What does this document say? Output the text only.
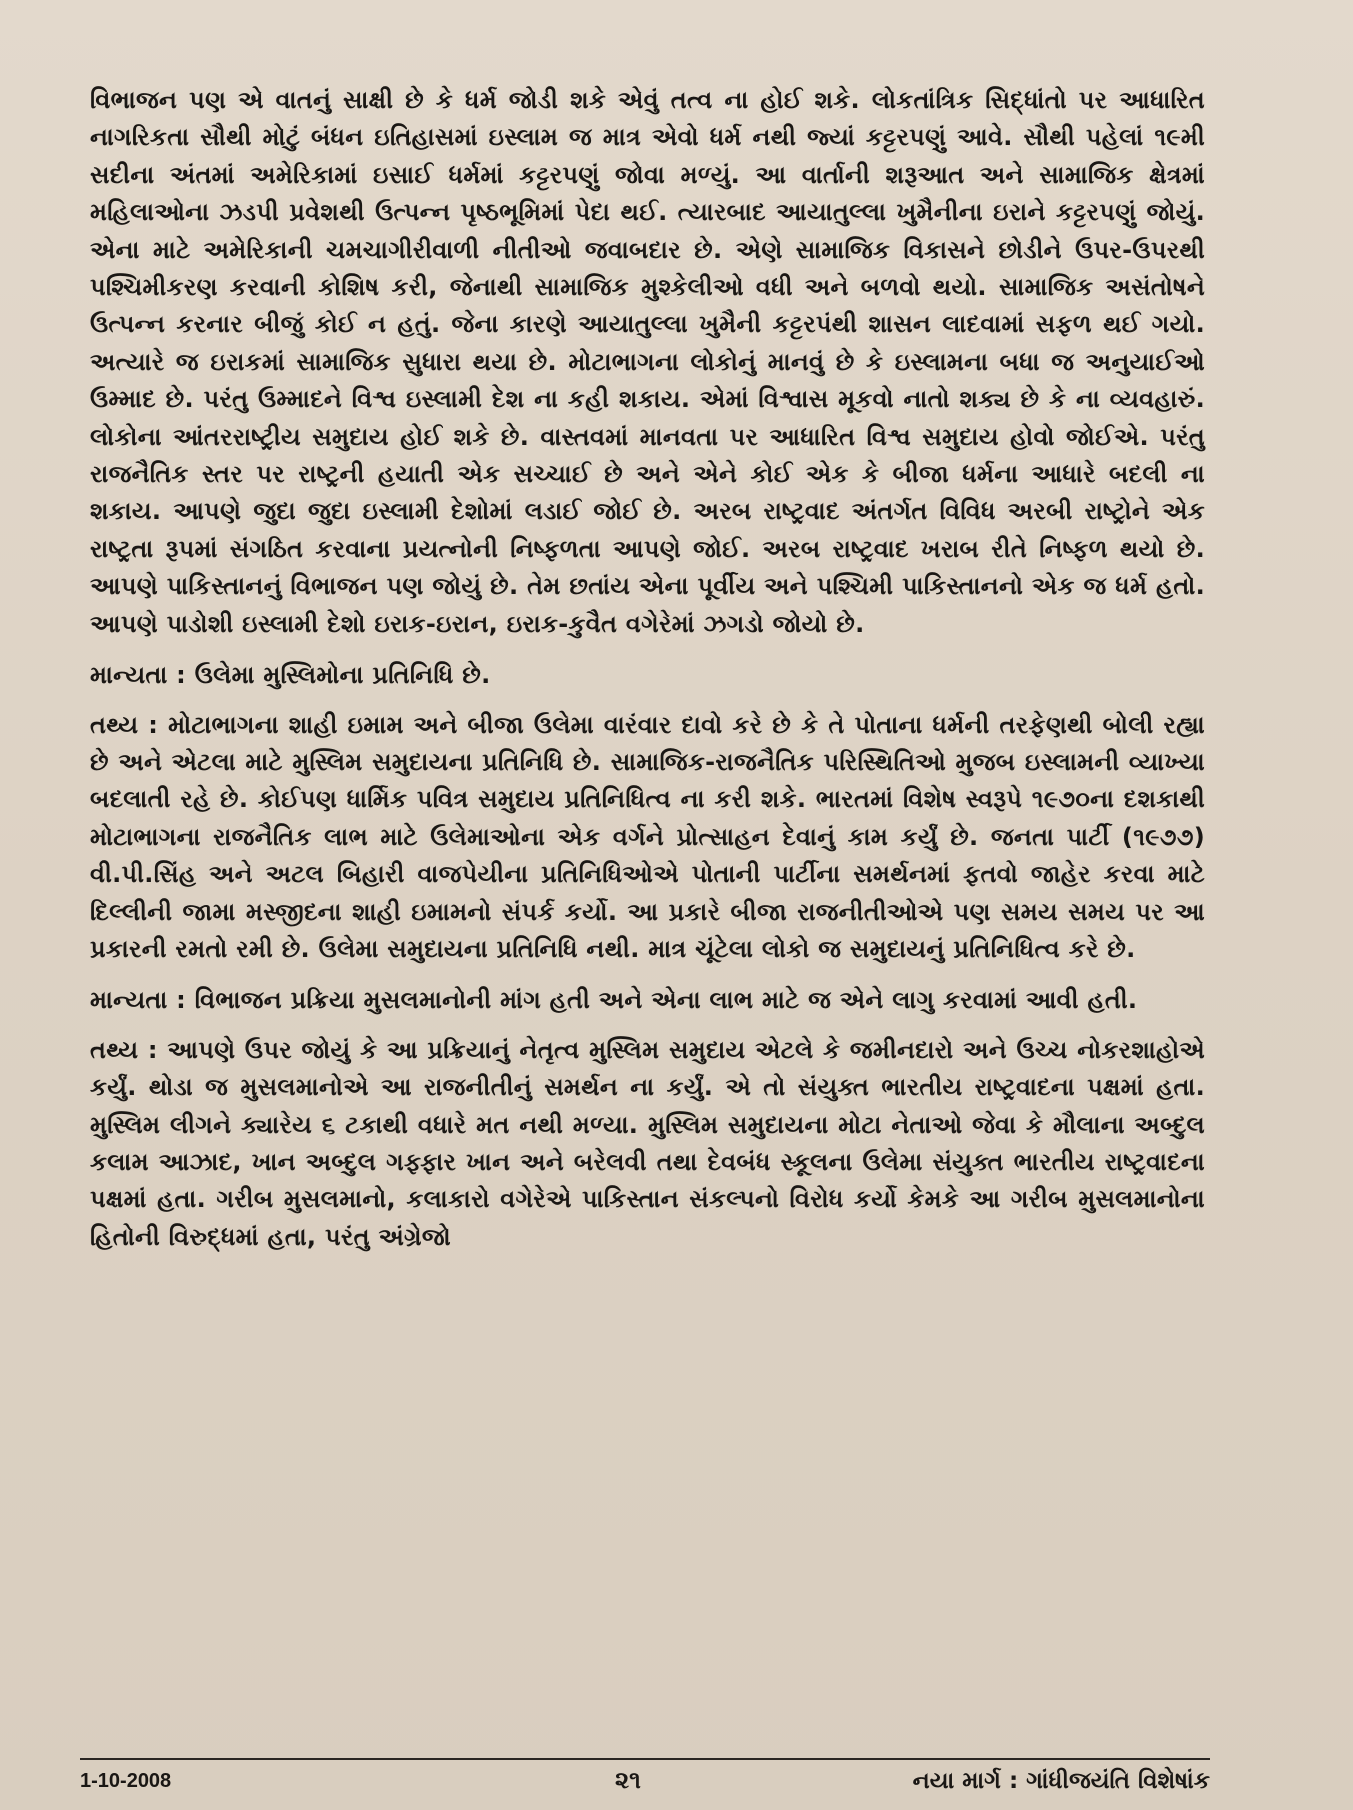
વિભાજન પણ એ વાતનું સાક્ષી છે કે ધર્મ જોડી શકે એવું તત્વ ના હોઈ શકે. લોકતાંત્રિક સિદ્ધાંતો પર આધારિત નાગરિકતા સૌથી મોટું બંધન ઇતિહાસમાં ઇસ્લામ જ માત્ર એવો ધર્મ નથી જ્યાં કટ્ટરપણું આવે. સૌથી પહેલાં ૧૯મી સદીના અંતમાં અમેરિકામાં ઇસાઈ ધર્મમાં કટ્ટરપણું જોવા મળ્યું. આ વાર્તાની શરૂઆત અને સામાજિક ક્ષેત્રમાં મહિલાઓના ઝડપી પ્રવેશથી ઉત્પન્ન પૃષ્ઠભૂમિમાં પેદા થઈ. ત્યારબાદ આયાતુલ્લા ખુમૈનીના ઇરાને કટ્ટરપણું જોયું. એના માટે અમેરિકાની ચમચાગીરીવાળી નીતીઓ જવાબદાર છે. એણે સામાજિક વિકાસને છોડીને ઉપર-ઉપરથી પશ્ચિમીકરણ કરવાની કોશિષ કરી, જેનાથી સામાજિક મુશ્કેલીઓ વધી અને બળવો થયો. સામાજિક અસંતોષને ઉત્પન્ન કરનાર બીજું કોઈ ન હતું. જેના કારણે આયાતુલ્લા ખુમૈની કટ્ટરપંથી શાસન લાદવામાં સફળ થઈ ગયો. અત્યારે જ ઇરાકમાં સામાજિક સુધારા થયા છે. મોટાભાગના લોકોનું માનવું છે કે ઇસ્લામના બધા જ અનુયાઈઓ ઉમ્માદ છે. પરંતુ ઉમ્માદને વિશ્વ ઇસ્લામી દેશ ના કહી શકાય. એમાં વિશ્વાસ મૂકવો નાતો શક્ય છે કે ના વ્યવહારું. લોકોના આંતરરાષ્ટ્રીય સમુદાય હોઈ શકે છે. વાસ્તવમાં માનવતા પર આધારિત વિશ્વ સમુદાય હોવો જોઈએ. પરંતુ રાજનૈતિક સ્તર પર રાષ્ટ્રની હયાતી એક સચ્ચાઈ છે અને એને કોઈ એક કે બીજા ધર્મના આધારે બદલી ના શકાય. આપણે જુદા જુદા ઇસ્લામી દેશોમાં લડાઈ જોઈ છે. અરબ રાષ્ટ્રવાદ અંતર્ગત વિવિધ અરબી રાષ્ટ્રોને એક રાષ્ટ્રતા રૂપમાં સંગઠિત કરવાના પ્રયત્નોની નિષ્ફળતા આપણે જોઈ. અરબ રાષ્ટ્રવાદ ખરાબ રીતે નિષ્ફળ થયો છે. આપણે પાકિસ્તાનનું વિભાજન પણ જોયું છે. તેમ છતાંય એના પૂર્વીય અને પશ્ચિમી પાકિસ્તાનનો એક જ ધર્મ હતો. આપણે પાડોશી ઇસ્લામી દેશો ઇરાક-ઇરાન, ઇરાક-કુવૈત વગેરેમાં ઝગડો જોયો છે.

માન્યતા : ઉલેમા મુસ્લિમોના પ્રતિનિધિ છે.

તથ્ય : મોટાભાગના શાહી ઇમામ અને બીજા ઉલેમા વારંવાર દાવો કરે છે કે તે પોતાના ધર્મની તરફેણથી બોલી રહ્યા છે અને એટલા માટે મુસ્લિમ સમુદાયના પ્રતિનિધિ છે. સામાજિક-રાજનૈતિક પરિસ્થિતિઓ મુજબ ઇસ્લામની વ્યાખ્યા બદલાતી રહે છે. કોઈપણ ધાર્મિક પવિત્ર સમુદાય પ્રતિનિધિત્વ ના કરી શકે. ભારતમાં વિશેષ સ્વરૂપે ૧૯૭૦ના દશકાથી મોટાભાગના રાજનૈતિક લાભ માટે ઉલેમાઓના એક વર્ગને પ્રોત્સાહન દેવાનું કામ કર્યું છે. જનતા પાર્ટી (૧૯૭૭) વી.પી.સિંહ અને અટલ બિહારી વાજપેયીના પ્રતિનિધિઓએ પોતાની પાર્ટીના સમર્થનમાં ફતવો જાહેર કરવા માટે દિલ્લીની જામા મસ્જીદના શાહી ઇમામનો સંપર્ક કર્યો. આ પ્રકારે બીજા રાજનીતીઓએ પણ સમય સમય પર આ પ્રકારની રમતો રમી છે. ઉલેમા સમુદાયના પ્રતિનિધિ નથી. માત્ર ચૂંટેલા લોકો જ સમુદાયનું પ્રતિનિધિત્વ કરે છે.

માન્યતા : વિભાજન પ્રક્રિયા મુસલમાનોની માંગ હતી અને એના લાભ માટે જ એને લાગુ કરવામાં આવી હતી.

તથ્ય : આપણે ઉપર જોયું કે આ પ્રક્રિયાનું નેતૃત્વ મુસ્લિમ સમુદાય એટલે કે જમીનદારો અને ઉચ્ચ નોકરશાહોએ કર્યું. થોડા જ મુસલમાનોએ આ રાજનીતીનું સમર્થન ના કર્યું. એ તો સંયુક્ત ભારતીય રાષ્ટ્રવાદના પક્ષમાં હતા. મુસ્લિમ લીગને ક્યારેય ૬ ટકાથી વધારે મત નથી મળ્યા. મુસ્લિમ સમુદાયના મોટા નેતાઓ જેવા કે મૌલાના અબ્દુલ કલામ આઝાદ, ખાન અબ્દુલ ગફ્ફાર ખાન અને બરેલવી તથા દેવબંધ સ્કૂલના ઉલેમા સંયુક્ત ભારતીય રાષ્ટ્રવાદના પક્ષમાં હતા. ગરીબ મુસલમાનો, કલાકારો વગેરેએ પાકિસ્તાન સંકલ્પનો વિરોધ કર્યો કેમકે આ ગરીબ મુસલમાનોના હિતોની વિરુદ્ધમાં હતા, પરંતુ અંગ્રેજો

1-10-2008	૨૧	નયા માર્ગ : ગાંધીજયંતિ વિશેષાંક
